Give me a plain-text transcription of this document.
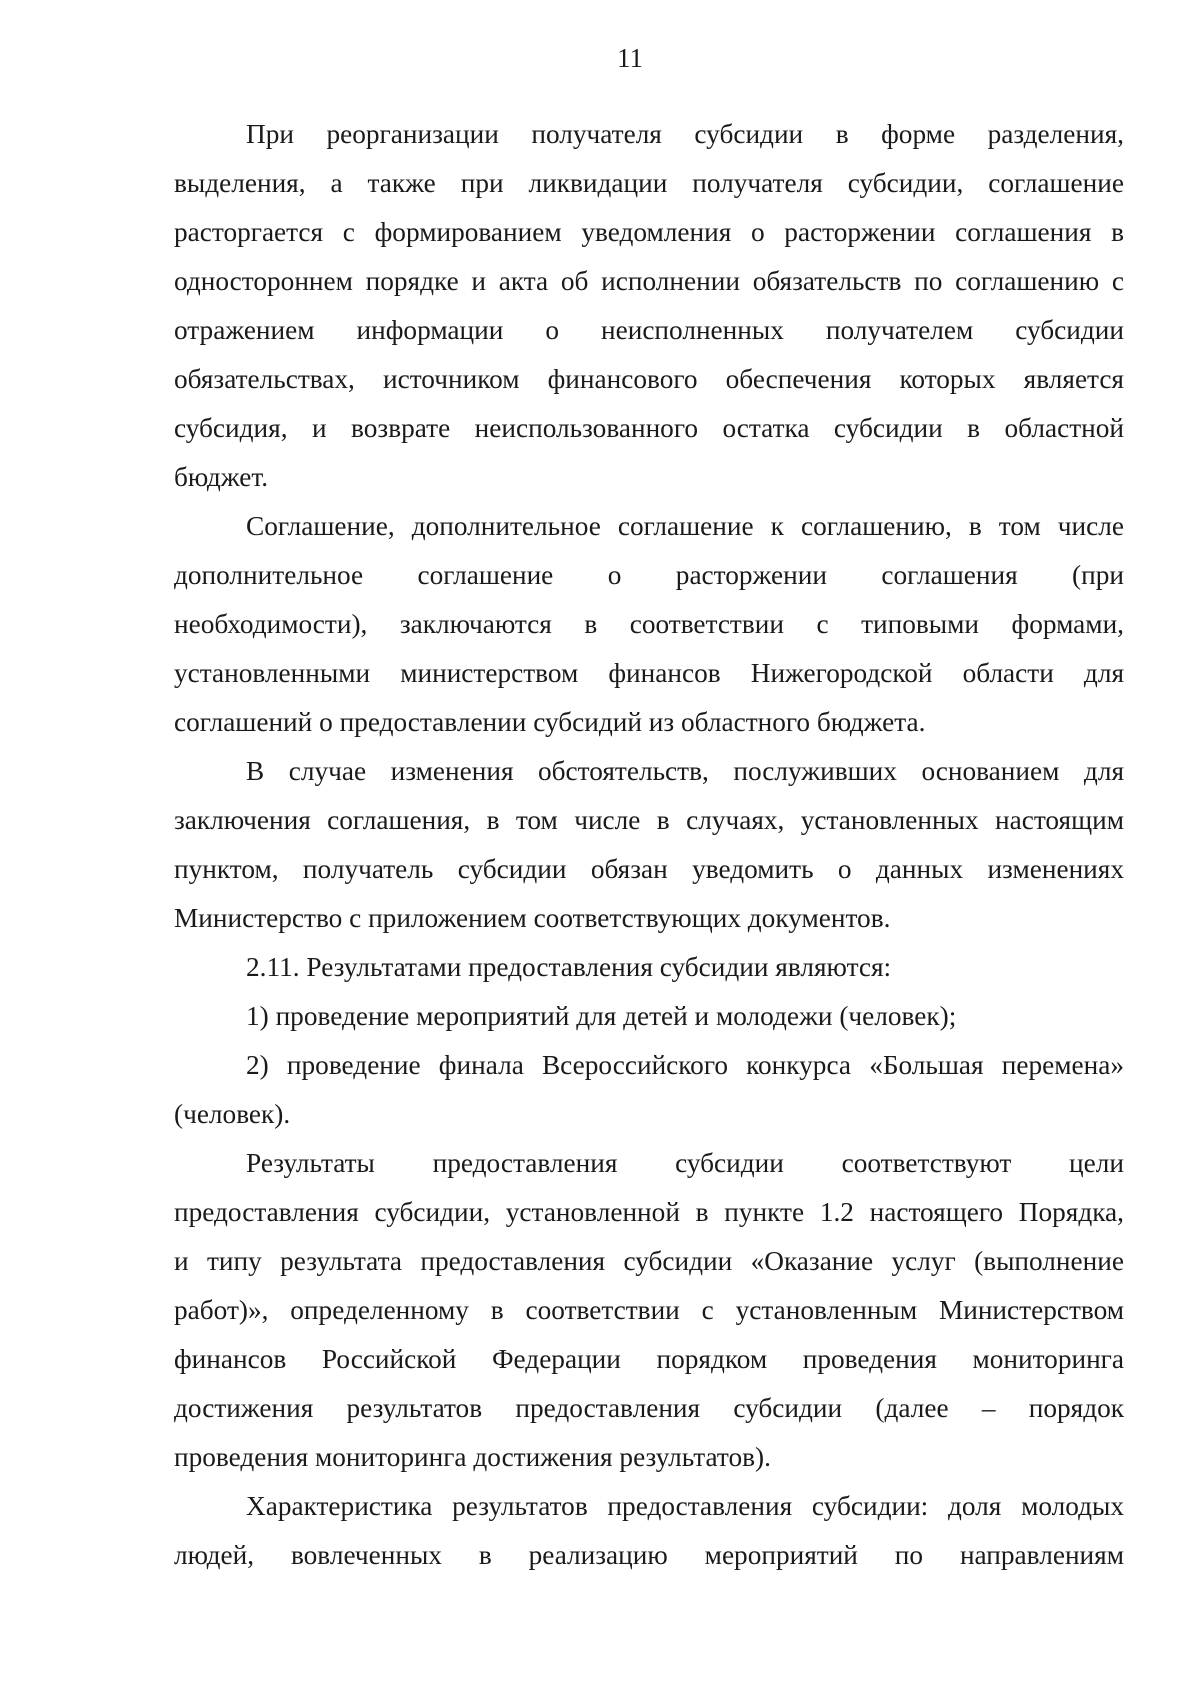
11
При реорганизации получателя субсидии в форме разделения,
выделения, а также при ликвидации получателя субсидии, соглашение
расторгается с формированием уведомления о расторжении соглашения в
одностороннем порядке и акта об исполнении обязательств по соглашению с
отражением информации о неисполненных получателем субсидии
обязательствах, источником финансового обеспечения которых является
субсидия, и возврате неиспользованного остатка субсидии в областной
бюджет.
Соглашение, дополнительное соглашение к соглашению, в том числе
дополнительное соглашение о расторжении соглашения (при
необходимости), заключаются в соответствии с типовыми формами,
установленными министерством финансов Нижегородской области для
соглашений о предоставлении субсидий из областного бюджета.
В случае изменения обстоятельств, послуживших основанием для
заключения соглашения, в том числе в случаях, установленных настоящим
пунктом, получатель субсидии обязан уведомить о данных изменениях
Министерство с приложением соответствующих документов.
2.11. Результатами предоставления субсидии являются:
1) проведение мероприятий для детей и молодежи (человек);
2) проведение финала Всероссийского конкурса «Большая перемена»
(человек).
Результаты предоставления субсидии соответствуют цели
предоставления субсидии, установленной в пункте 1.2 настоящего Порядка,
и типу результата предоставления субсидии «Оказание услуг (выполнение
работ)», определенному в соответствии с установленным Министерством
финансов Российской Федерации порядком проведения мониторинга
достижения результатов предоставления субсидии (далее – порядок
проведения мониторинга достижения результатов).
Характеристика результатов предоставления субсидии: доля молодых
людей, вовлеченных в реализацию мероприятий по направлениям
